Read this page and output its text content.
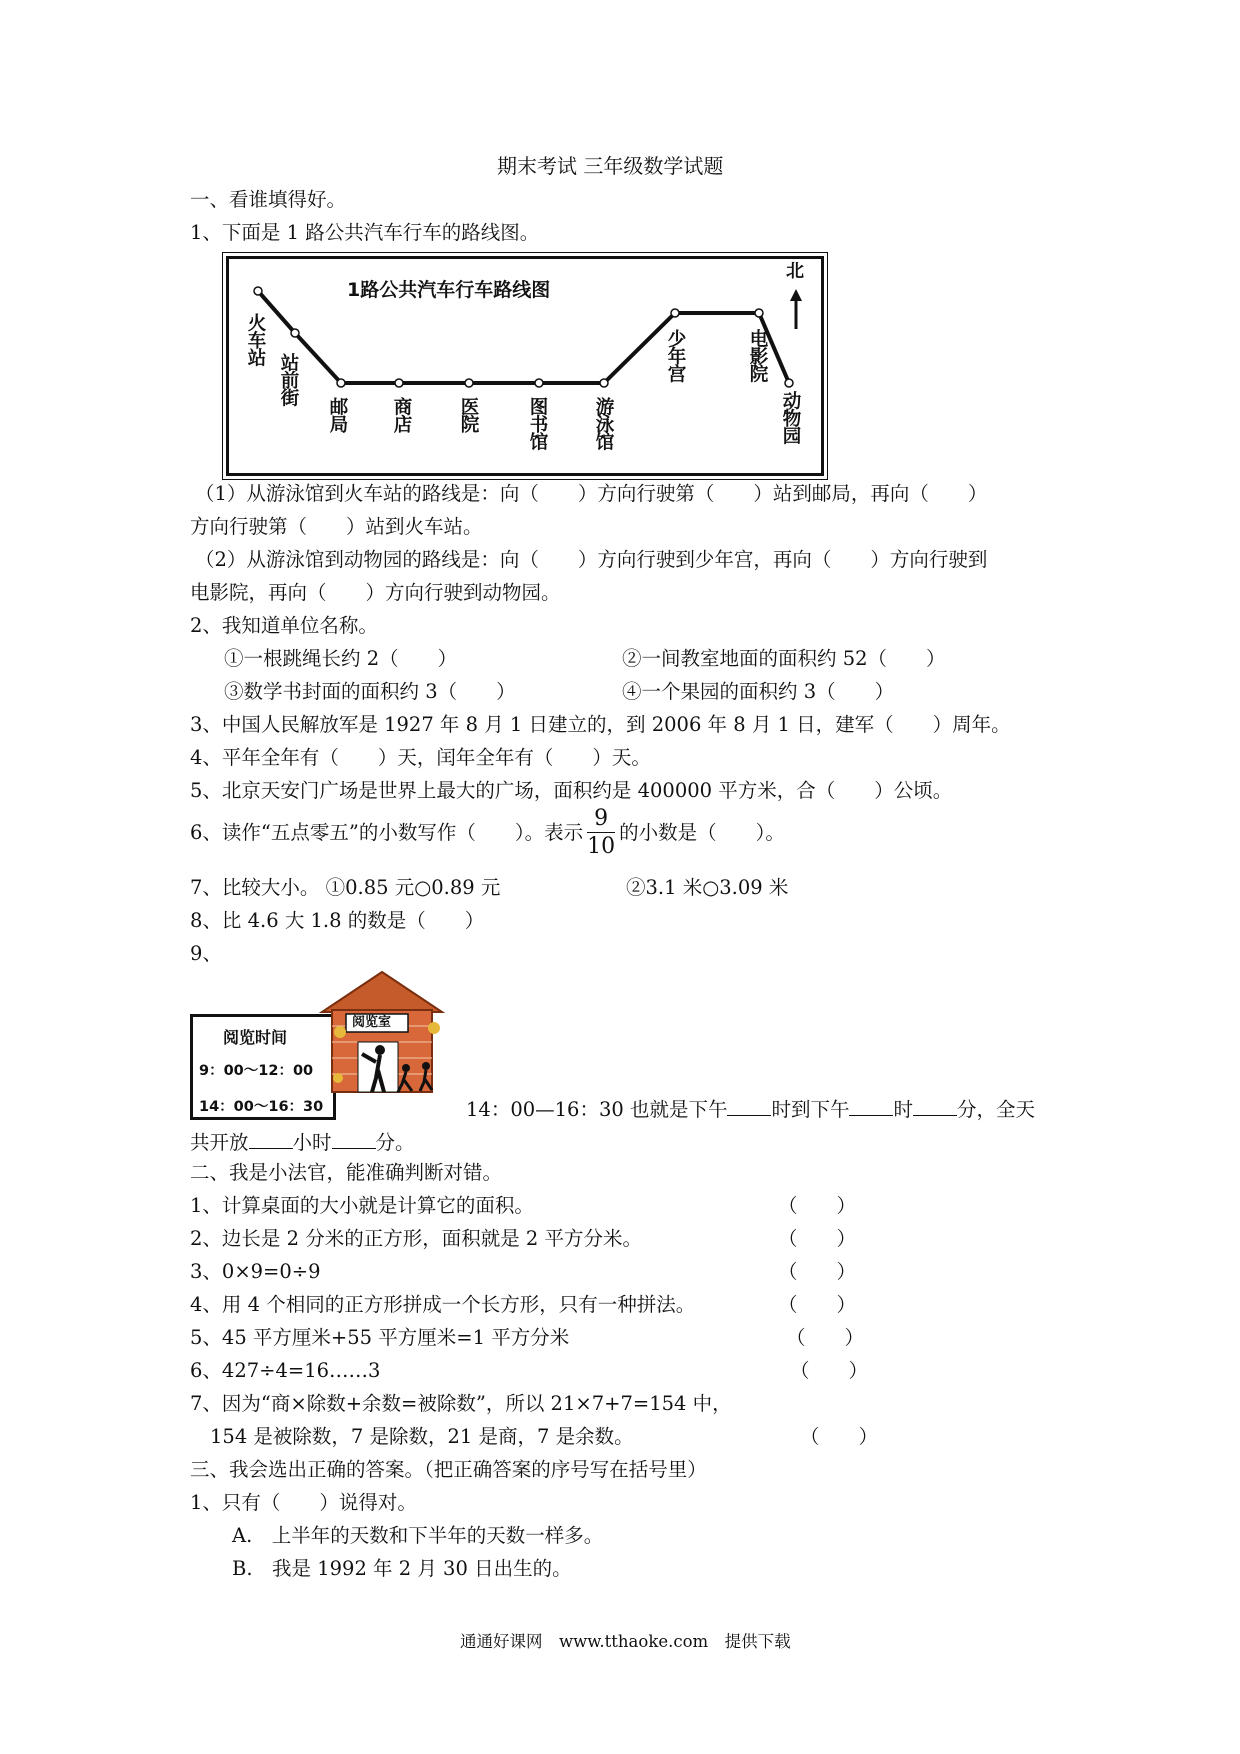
期末考试 三年级数学试题
一、看谁填得好。
1、下面是 1 路公共汽车行车的路线图。
1路公共汽车行车路线图
北
火车站
站前街
邮局 商店 医院	图书馆 游泳馆
少年宫	电影院
动物园
（1）从游泳馆到火车站的路线是：向（　　）方向行驶第（　　）站到邮局，再向（　　）
方向行驶第（　　）站到火车站。
（2）从游泳馆到动物园的路线是：向（　　）方向行驶到少年宫，再向（　　）方向行驶到
电影院，再向（　　）方向行驶到动物园。
2、我知道单位名称。
①一根跳绳长约 2（　　）	②一间教室地面的面积约 52（　　）
③数学书封面的面积约 3（　　）	④一个果园的面积约 3（　　）
3、中国人民解放军是 1927 年 8 月 1 日建立的，到 2006 年 8 月 1 日，建军（　　）周年。
4、平年全年有（　　）天，闰年全年有（　　）天。
5、北京天安门广场是世界上最大的广场，面积约是 400000 平方米，合（　　）公顷。
6、读作“五点零五”的小数写作（　　）。表示 $\frac{9}{10}$ 的小数是（　　）。
7、比较大小。 ①0.85 元○0.89 元	②3.1 米○3.09 米
8、比 4.6 大 1.8 的数是（　　）
9、
阅览时间
9：00～12：00
14：00～16：30
阅览室
14：00—16：30 也就是下午 时到下午 时 分，全天
共开放 小时 分。
二、我是小法官，能准确判断对错。
1、计算桌面的大小就是计算它的面积。	（　　）
2、边长是 2 分米的正方形，面积就是 2 平方分米。	（　　）
3、0×9=0÷9	（　　）
4、用 4 个相同的正方形拼成一个长方形，只有一种拼法。	（　　）
5、45 平方厘米+55 平方厘米=1 平方分米	（　　）
6、427÷4=16……3	（　　）
7、因为“商×除数+余数=被除数”，所以 21×7+7=154 中，
154 是被除数，7 是除数，21 是商，7 是余数。	（　　）
三、我会选出正确的答案。（把正确答案的序号写在括号里）
1、只有（　　）说得对。
A.　上半年的天数和下半年的天数一样多。
B.　我是 1992 年 2 月 30 日出生的。
通通好课网　www.tthaoke.com　提供下载
